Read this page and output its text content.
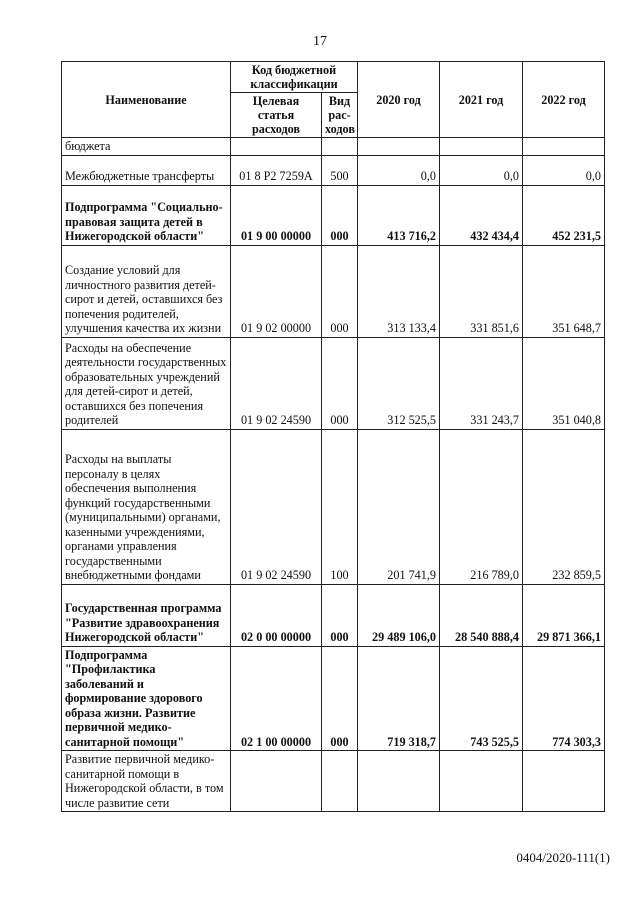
17
Наименование	Код бюджетной классификации		2020 год	2021 год	2022 год
	Целевая статья расходов	Вид рас-ходов			
бюджета					
Межбюджетные трансферты	01 8 P2 7259A	500	0,0	0,0	0,0
Подпрограмма "Социально-правовая защита детей в Нижегородской области"	01 9 00 00000	000	413 716,2	432 434,4	452 231,5
Создание условий для личностного развития детей-сирот и детей, оставшихся без попечения родителей, улучшения качества их жизни	01 9 02 00000	000	313 133,4	331 851,6	351 648,7
Расходы на обеспечение деятельности государственных образовательных учреждений для детей-сирот и детей, оставшихся без попечения родителей	01 9 02 24590	000	312 525,5	331 243,7	351 040,8
Расходы на выплаты персоналу в целях обеспечения выполнения функций государственными (муниципальными) органами, казенными учреждениями, органами управления государственными внебюджетными фондами	01 9 02 24590	100	201 741,9	216 789,0	232 859,5
Государственная программа "Развитие здравоохранения Нижегородской области"	02 0 00 00000	000	29 489 106,0	28 540 888,4	29 871 366,1
Подпрограмма "Профилактика заболеваний и формирование здорового образа жизни. Развитие первичной медико-санитарной помощи"	02 1 00 00000	000	719 318,7	743 525,5	774 303,3
Развитие первичной медико-санитарной помощи в Нижегородской области, в том числе развитие сети					
0404/2020-111(1)
